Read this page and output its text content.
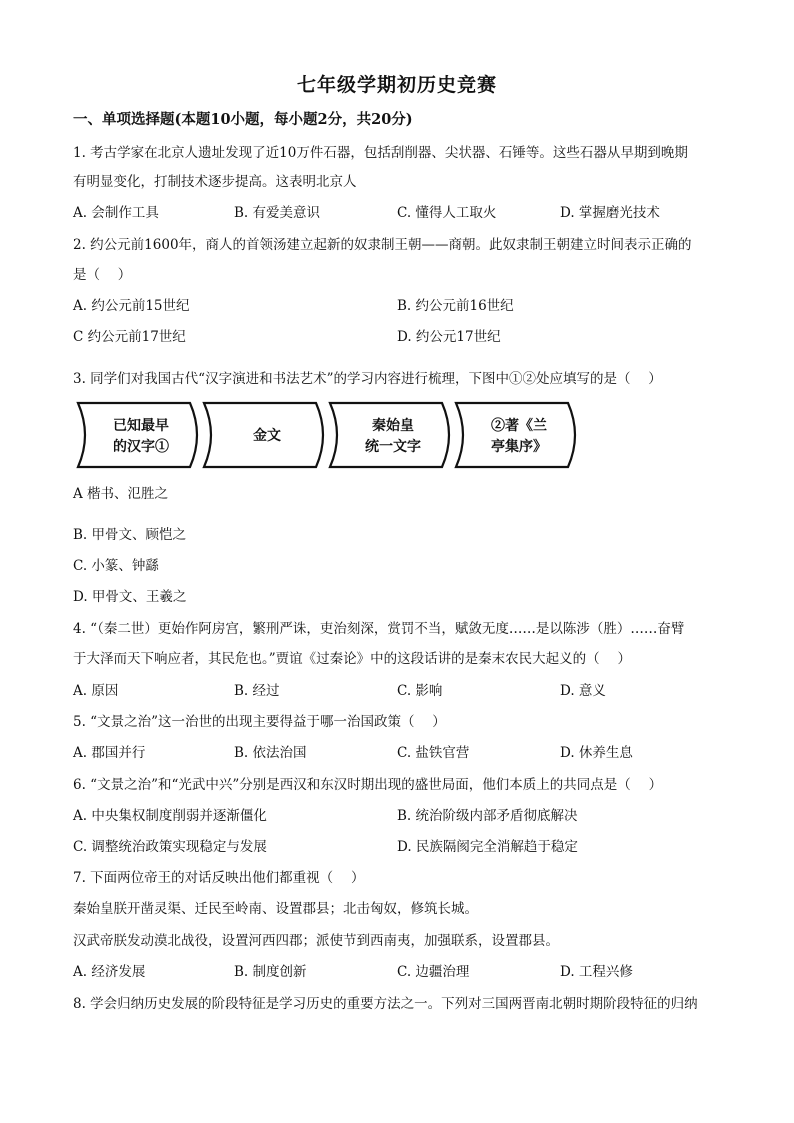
七年级学期初历史竞赛
一、单项选择题(本题10小题，每小题2分，共20分)
1. 考古学家在北京人遗址发现了近10万件石器，包括刮削器、尖状器、石锤等。这些石器从早期到晚期
有明显变化，打制技术逐步提高。这表明北京人
A. 会制作工具	B. 有爱美意识	C. 懂得人工取火	D. 掌握磨光技术
2. 约公元前1600年，商人的首领汤建立起新的奴隶制王朝——商朝。此奴隶制王朝建立时间表示正确的
是（　 ）
A. 约公元前15世纪	B. 约公元前16世纪
C 约公元前17世纪	D. 约公元17世纪
3. 同学们对我国古代“汉字演进和书法艺术”的学习内容进行梳理，下图中①②处应填写的是（　 ）
已知最早
的汉字①
金文
秦始皇
统一文字
②著《兰
亭集序》
A 楷书、氾胜之
B. 甲骨文、顾恺之
C. 小篆、钟繇
D. 甲骨文、王羲之
4. “（秦二世）更始作阿房宫，繁刑严诛，吏治刻深，赏罚不当，赋敛无度……是以陈涉（胜）……奋臂
于大泽而天下响应者，其民危也。”贾谊《过秦论》中的这段话讲的是秦末农民大起义的（　 ）
A. 原因	B. 经过	C. 影响	D. 意义
5. “文景之治”这一治世的出现主要得益于哪一治国政策（　 ）
A. 郡国并行	B. 依法治国	C. 盐铁官营	D. 休养生息
6. “文景之治”和“光武中兴”分别是西汉和东汉时期出现的盛世局面，他们本质上的共同点是（　 ）
A. 中央集权制度削弱并逐渐僵化	B. 统治阶级内部矛盾彻底解决
C. 调整统治政策实现稳定与发展	D. 民族隔阂完全消解趋于稳定
7. 下面两位帝王的对话反映出他们都重视（　 ）
秦始皇朕开凿灵渠、迁民至岭南、设置郡县；北击匈奴，修筑长城。
汉武帝朕发动漠北战役，设置河西四郡；派使节到西南夷，加强联系，设置郡县。
A. 经济发展	B. 制度创新	C. 边疆治理	D. 工程兴修
8. 学会归纳历史发展的阶段特征是学习历史的重要方法之一。下列对三国两晋南北朝时期阶段特征的归纳
